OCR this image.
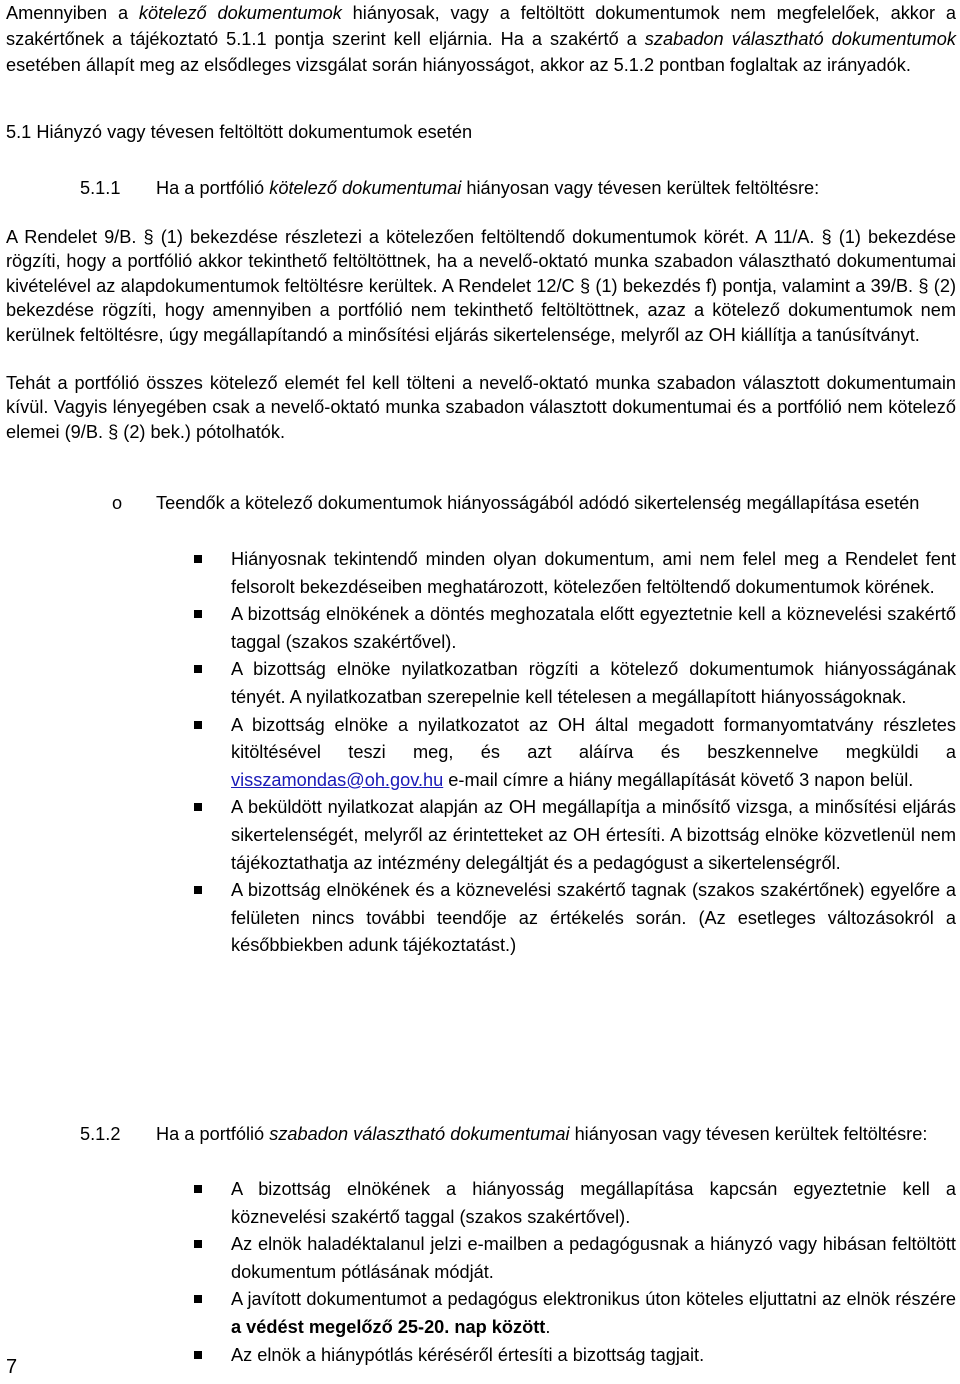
Amennyiben a kötelező dokumentumok hiányosak, vagy a feltöltött dokumentumok nem megfelelőek, akkor a szakértőnek a tájékoztató 5.1.1 pontja szerint kell eljárnia. Ha a szakértő a szabadon választható dokumentumok esetében állapít meg az elsődleges vizsgálat során hiányosságot, akkor az 5.1.2 pontban foglaltak az irányadók.

5.1 Hiányzó vagy tévesen feltöltött dokumentumok esetén
5.1.1 Ha a portfólió kötelező dokumentumai hiányosan vagy tévesen kerültek feltöltésre:

A Rendelet 9/B. § (1) bekezdése részletezi a kötelezően feltöltendő dokumentumok körét. A 11/A. § (1) bekezdése rögzíti, hogy a portfólió akkor tekinthető feltöltöttnek, ha a nevelő-oktató munka szabadon választható dokumentumai kivételével az alapdokumentumok feltöltésre kerültek. A Rendelet 12/C § (1) bekezdés f) pontja, valamint a 39/B. § (2) bekezdése rögzíti, hogy amennyiben a portfólió nem tekinthető feltöltöttnek, azaz a kötelező dokumentumok nem kerülnek feltöltésre, úgy megállapítandó a minősítési eljárás sikertelensége, melyről az OH kiállítja a tanúsítványt.

Tehát a portfólió összes kötelező elemét fel kell tölteni a nevelő-oktató munka szabadon választott dokumentumain kívül. Vagyis lényegében csak a nevelő-oktató munka szabadon választott dokumentumai és a portfólió nem kötelező elemei (9/B. § (2) bek.) pótolhatók.

o	Teendők a kötelező dokumentumok hiányosságából adódó sikertelenség megállapítása esetén
Hiányosnak tekintendő minden olyan dokumentum, ami nem felel meg a Rendelet fent felsorolt bekezdéseiben meghatározott, kötelezően feltöltendő dokumentumok körének.
A bizottság elnökének a döntés meghozatala előtt egyeztetnie kell a köznevelési szakértő taggal (szakos szakértővel).
A bizottság elnöke nyilatkozatban rögzíti a kötelező dokumentumok hiányosságának tényét. A nyilatkozatban szerepelnie kell tételesen a megállapított hiányosságoknak.
A bizottság elnöke a nyilatkozatot az OH által megadott formanyomtatvány részletes kitöltésével teszi meg, és azt aláírva és beszkennelve megküldi a visszamondas@oh.gov.hu e-mail címre a hiány megállapítását követő 3 napon belül.
A beküldött nyilatkozat alapján az OH megállapítja a minősítő vizsga, a minősítési eljárás sikertelenségét, melyről az érintetteket az OH értesíti. A bizottság elnöke közvetlenül nem tájékoztathatja az intézmény delegáltját és a pedagógust a sikertelenségről.
A bizottság elnökének és a köznevelési szakértő tagnak (szakos szakértőnek) egyelőre a felületen nincs további teendője az értékelés során. (Az esetleges változásokról a későbbiekben adunk tájékoztatást.)
5.1.2 Ha a portfólió szabadon választható dokumentumai hiányosan vagy tévesen kerültek feltöltésre:
A bizottság elnökének a hiányosság megállapítása kapcsán egyeztetnie kell a köznevelési szakértő taggal (szakos szakértővel).
Az elnök haladéktalanul jelzi e-mailben a pedagógusnak a hiányzó vagy hibásan feltöltött dokumentum pótlásának módját.
A javított dokumentumot a pedagógus elektronikus úton köteles eljuttatni az elnök részére a védést megelőző 25-20. nap között.
Az elnök a hiánypótlás kéréséről értesíti a bizottság tagjait.
7
